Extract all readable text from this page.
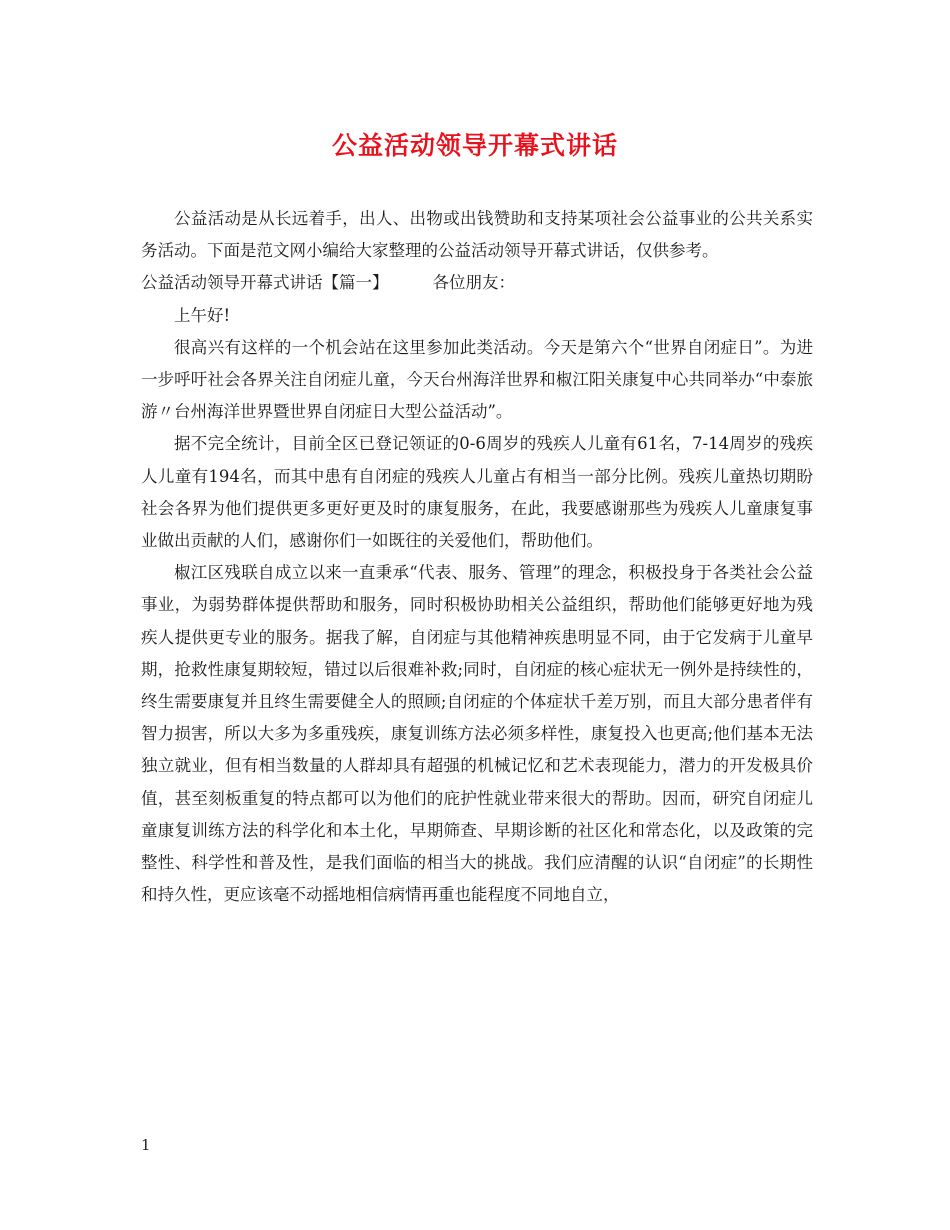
公益活动领导开幕式讲话

公益活动是从长远着手，出人、出物或出钱赞助和支持某项社会公益事业的公共关系实务活动。下面是范文网小编给大家整理的公益活动领导开幕式讲话，仅供参考。

公益活动领导开幕式讲话【篇一】	各位朋友：

上午好!

很高兴有这样的一个机会站在这里参加此类活动。今天是第六个“世界自闭症日”。为进一步呼吁社会各界关注自闭症儿童，今天台州海洋世界和椒江阳关康复中心共同举办“中泰旅游〃台州海洋世界暨世界自闭症日大型公益活动”。

据不完全统计，目前全区已登记领证的0-6周岁的残疾人儿童有61名，7-14周岁的残疾人儿童有194名，而其中患有自闭症的残疾人儿童占有相当一部分比例。残疾儿童热切期盼社会各界为他们提供更多更好更及时的康复服务，在此，我要感谢那些为残疾人儿童康复事业做出贡献的人们，感谢你们一如既往的关爱他们，帮助他们。

椒江区残联自成立以来一直秉承“代表、服务、管理”的理念，积极投身于各类社会公益事业，为弱势群体提供帮助和服务，同时积极协助相关公益组织，帮助他们能够更好地为残疾人提供更专业的服务。据我了解，自闭症与其他精神疾患明显不同，由于它发病于儿童早期，抢救性康复期较短，错过以后很难补救;同时，自闭症的核心症状无一例外是持续性的，终生需要康复并且终生需要健全人的照顾;自闭症的个体症状千差万别，而且大部分患者伴有智力损害，所以大多为多重残疾，康复训练方法必须多样性，康复投入也更高;他们基本无法独立就业，但有相当数量的人群却具有超强的机械记忆和艺术表现能力，潜力的开发极具价值，甚至刻板重复的特点都可以为他们的庇护性就业带来很大的帮助。因而，研究自闭症儿童康复训练方法的科学化和本土化，早期筛查、早期诊断的社区化和常态化，以及政策的完整性、科学性和普及性，是我们面临的相当大的挑战。我们应清醒的认识“自闭症”的长期性和持久性，更应该毫不动摇地相信病情再重也能程度不同地自立，

1
